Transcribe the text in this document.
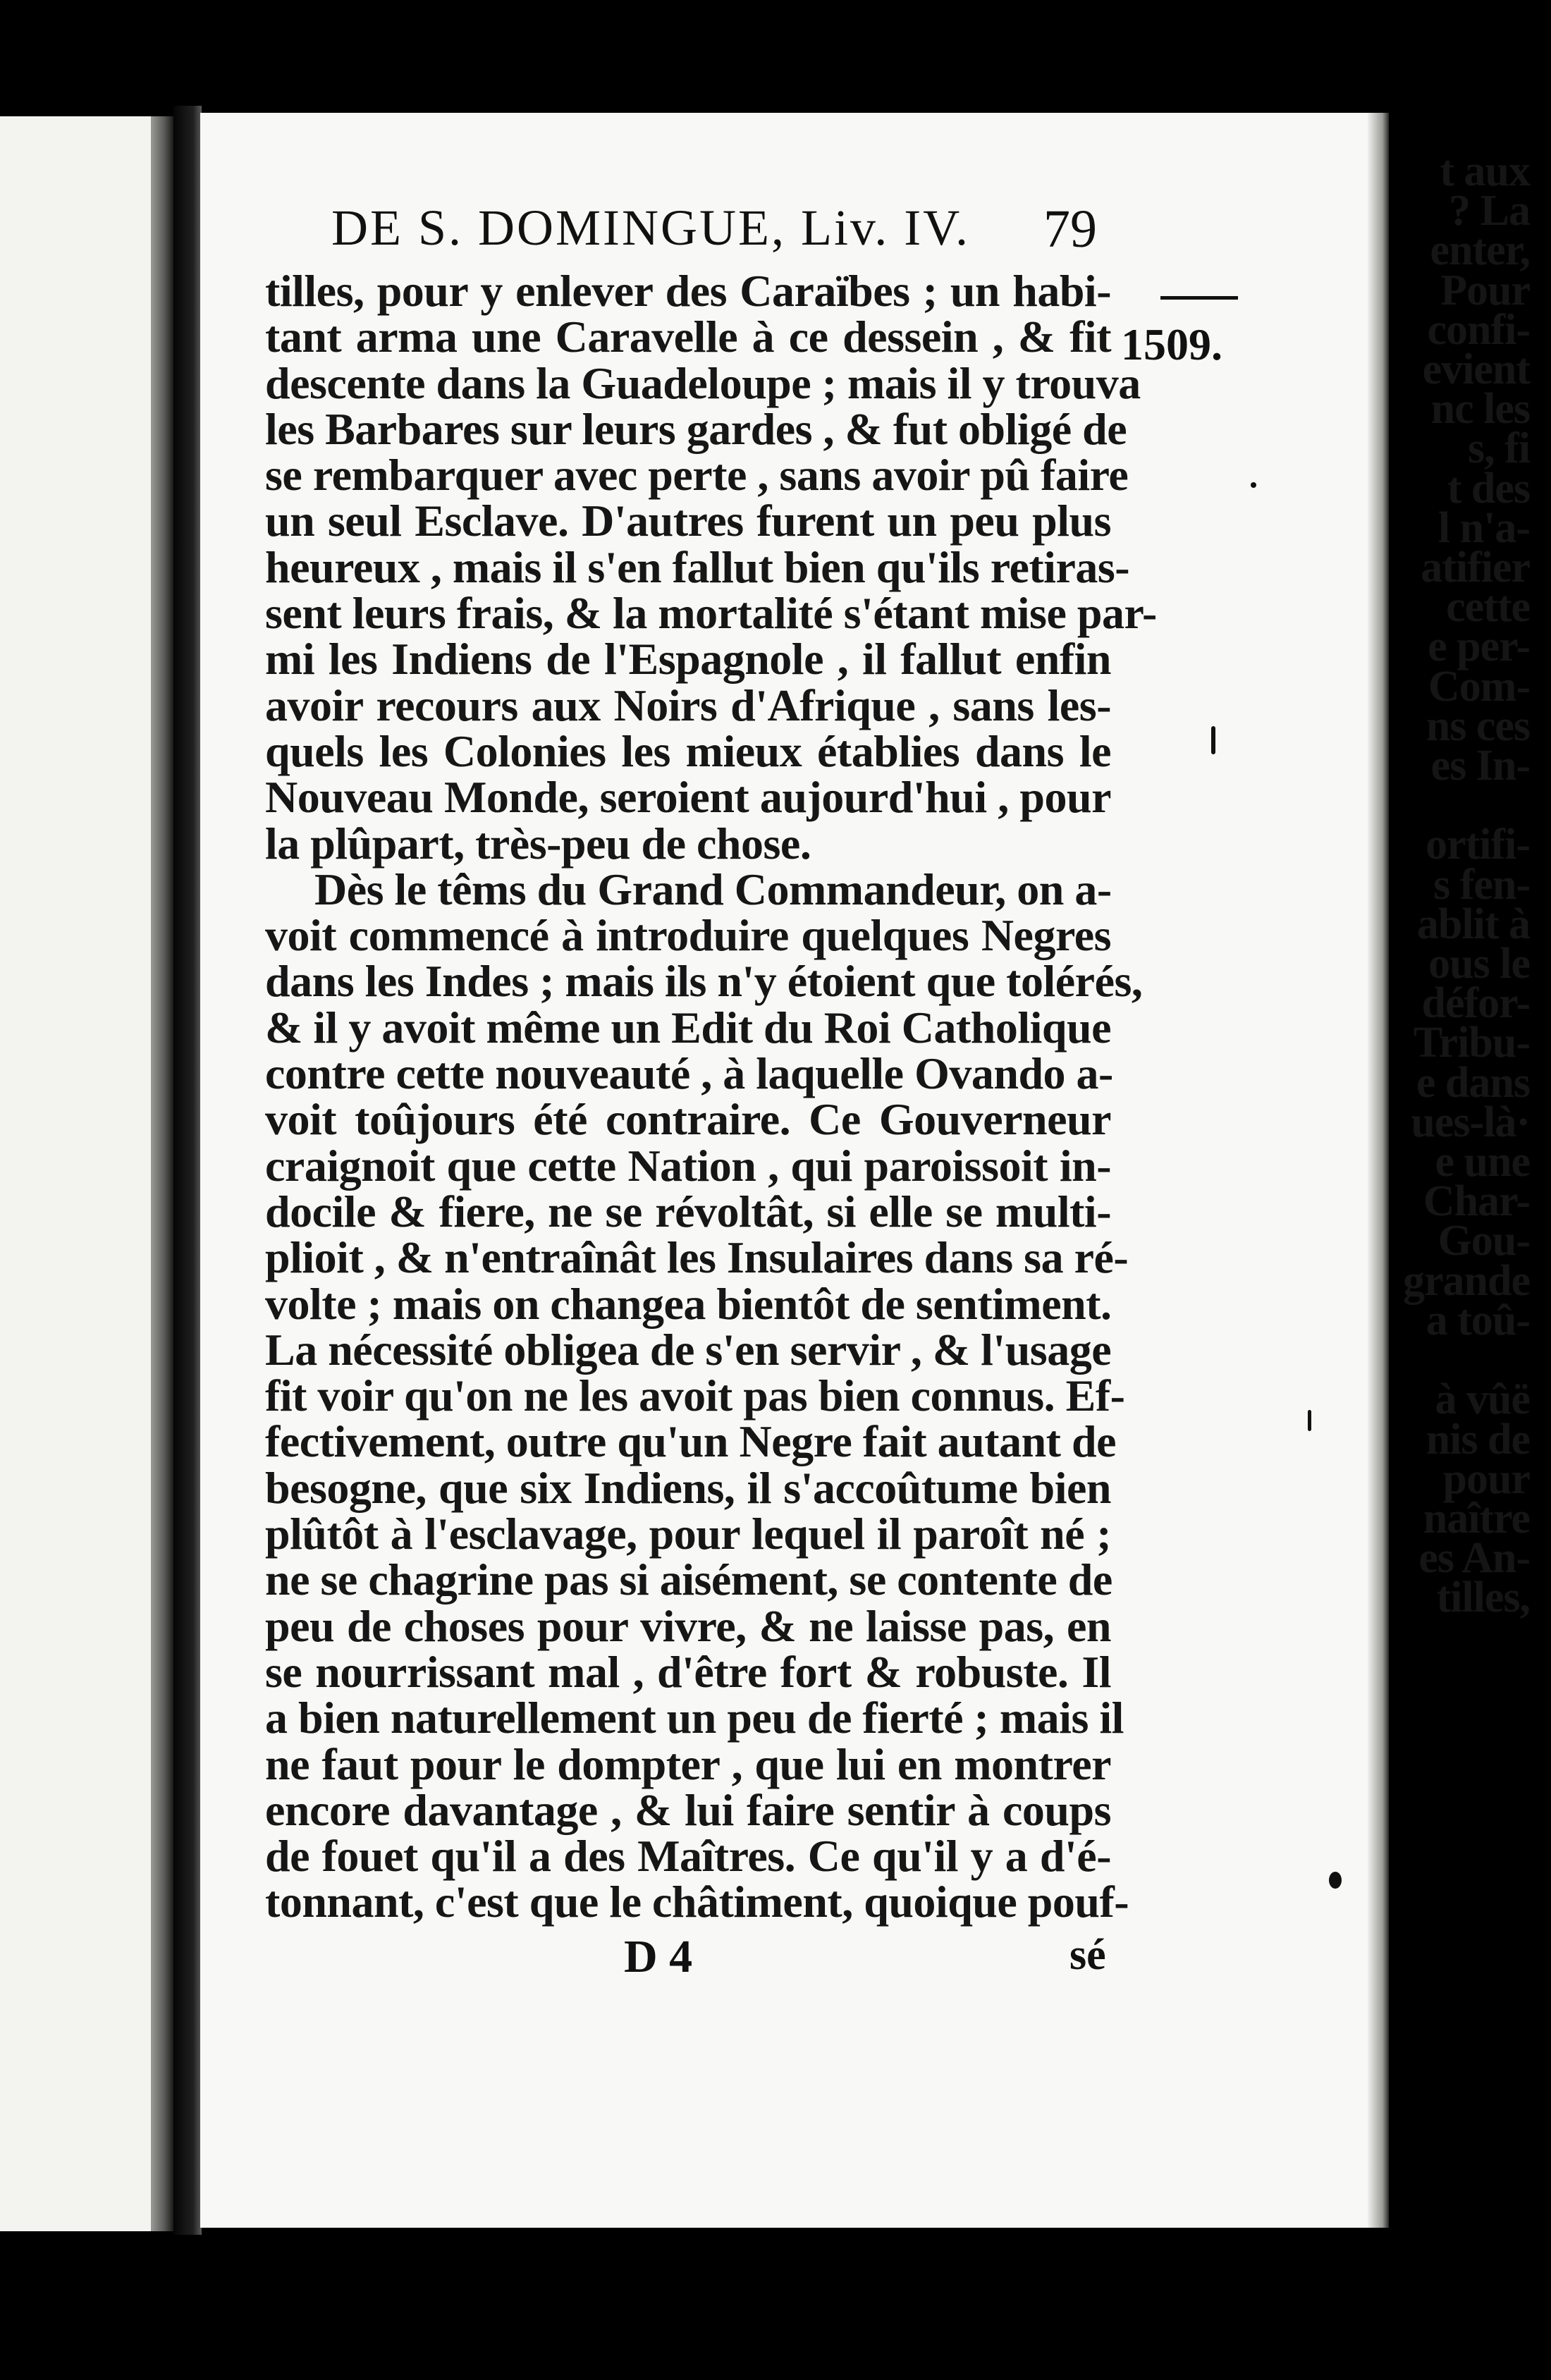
t aux
? La
enter,
Pour
confi-
evient
nc les
s, fi
t des
l n'a-
atifier
cette
e per-
Com-
ns ces
es In-

ortifi-
s fen-
ablit à
ous le
défor-
Tribu-
e dans
ues-là·
e une
Char-
Gou-
grande
a toû-

à vûë
nis de
pour
naître
es An-
tilles,
DE S. DOMINGUE, Liv. IV. 79
1509.
tilles, pour y enlever des Caraïbes ; un habi-
tant arma une Caravelle à ce dessein , & fit
descente dans la Guadeloupe ; mais il y trouva
les Barbares sur leurs gardes , & fut obligé de
se rembarquer avec perte , sans avoir pû faire
un seul Esclave. D'autres furent un peu plus
heureux , mais il s'en fallut bien qu'ils retiras-
sent leurs frais, & la mortalité s'étant mise par-
mi les Indiens de l'Espagnole , il fallut enfin
avoir recours aux Noirs d'Afrique , sans les-
quels les Colonies les mieux établies dans le
Nouveau Monde, seroient aujourd'hui , pour
la plûpart, très-peu de chose.
Dès le têms du Grand Commandeur, on a-
voit commencé à introduire quelques Negres
dans les Indes ; mais ils n'y étoient que tolérés,
& il y avoit même un Edit du Roi Catholique
contre cette nouveauté , à laquelle Ovando a-
voit toûjours été contraire. Ce Gouverneur
craignoit que cette Nation , qui paroissoit in-
docile & fiere, ne se révoltât, si elle se multi-
plioit , & n'entraînât les Insulaires dans sa ré-
volte ; mais on changea bientôt de sentiment.
La nécessité obligea de s'en servir , & l'usage
fit voir qu'on ne les avoit pas bien connus. Ef-
fectivement, outre qu'un Negre fait autant de
besogne, que six Indiens, il s'accoûtume bien
plûtôt à l'esclavage, pour lequel il paroît né ;
ne se chagrine pas si aisément, se contente de
peu de choses pour vivre, & ne laisse pas, en
se nourrissant mal , d'être fort & robuste. Il
a bien naturellement un peu de fierté ; mais il
ne faut pour le dompter , que lui en montrer
encore davantage , & lui faire sentir à coups
de fouet qu'il a des Maîtres. Ce qu'il y a d'é-
tonnant, c'est que le châtiment, quoique pouf-
D 4	sé
